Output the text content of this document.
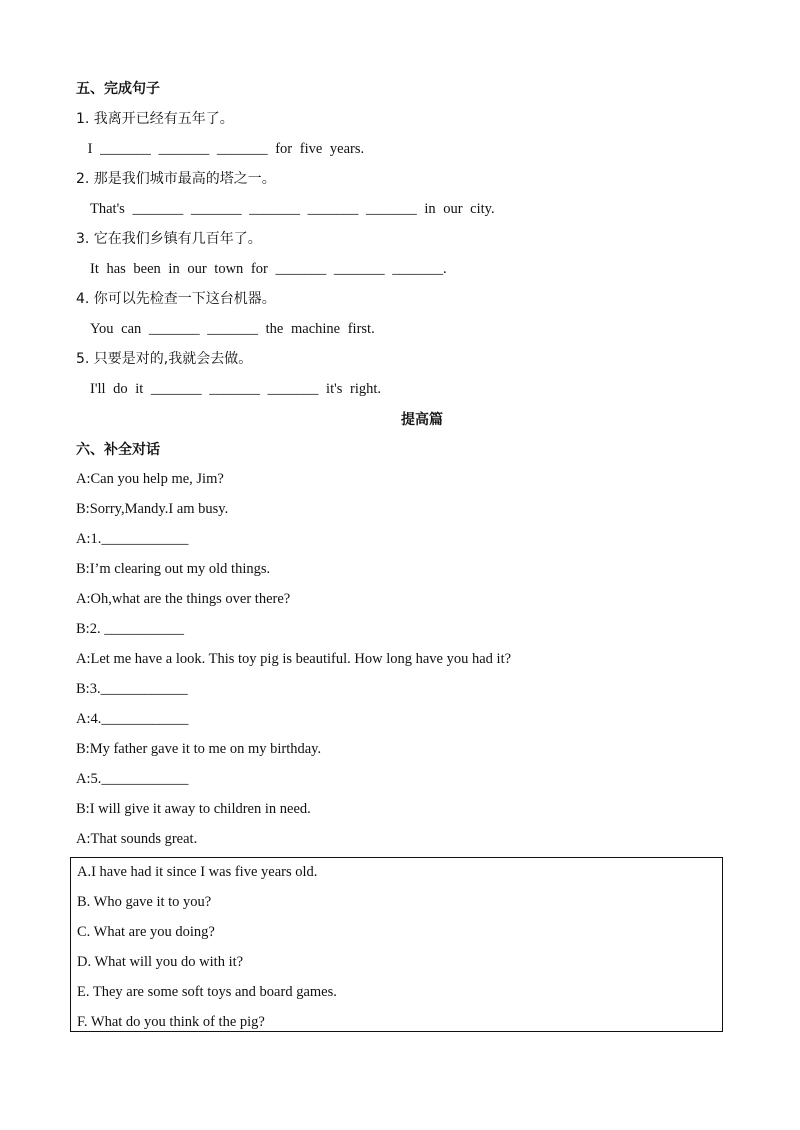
五、完成句子
1. 我离开已经有五年了。
I _______ _______ _______ for five years.
2. 那是我们城市最高的塔之一。
That's _______ _______ _______ _______ _______ in our city.
3. 它在我们乡镇有几百年了。
It has been in our town for _______ _______ _______.
4. 你可以先检查一下这台机器。
You can _______ _______ the machine first.
5. 只要是对的,我就会去做。
I'll do it _______ _______ _______ it's right.
提高篇
六、补全对话
A:Can you help me, Jim?
B:Sorry,Mandy.I am busy.
A:1.____________
B:I’m clearing out my old things.
A:Oh,what are the things over there?
B:2. ___________
A:Let me have a look. This toy pig is beautiful. How long have you had it?
B:3.____________
A:4.____________
B:My father gave it to me on my birthday.
A:5.____________
B:I will give it away to children in need.
A:That sounds great.
A.I have had it since I was five years old.
B. Who gave it to you?
C. What are you doing?
D. What will you do with it?
E. They are some soft toys and board games.
F. What do you think of the pig?
